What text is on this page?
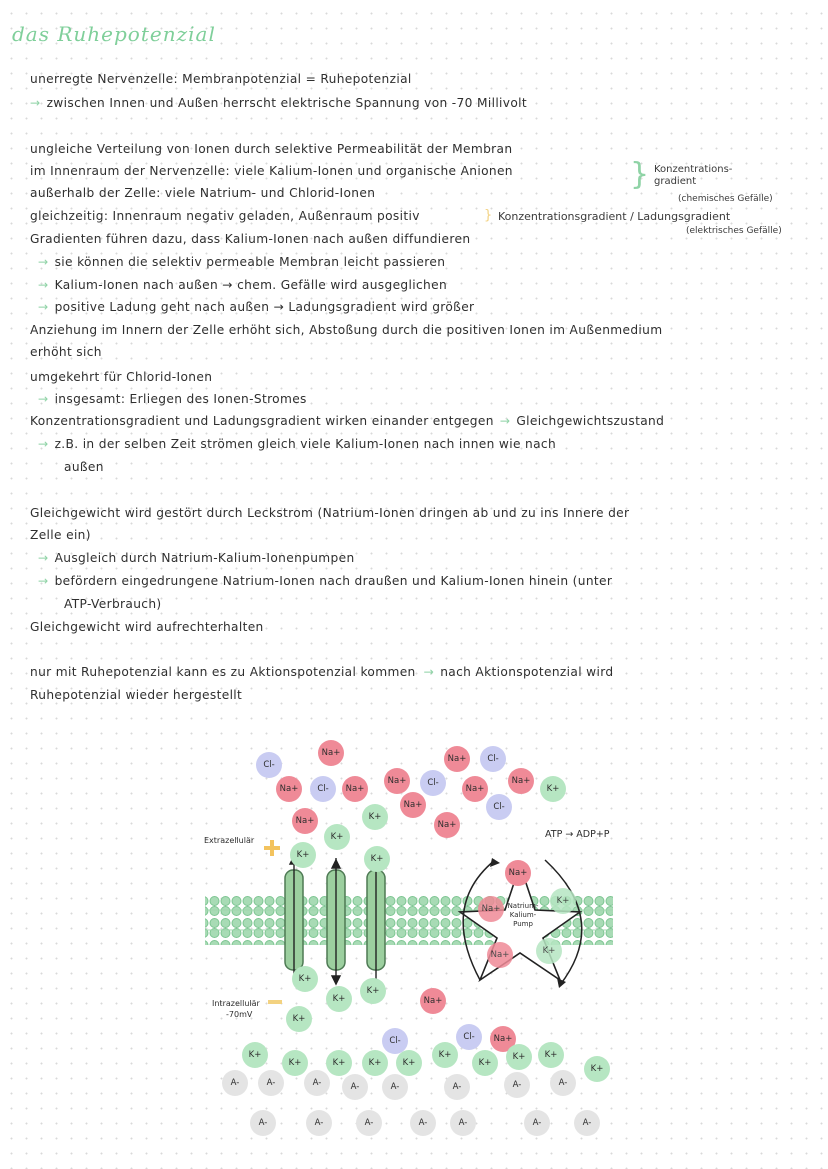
das Ruhepotenzial
unerregte Nervenzelle: Membranpotenzial = Ruhepotenzial
→ zwischen Innen und Außen herrscht elektrische Spannung von -70 Millivolt
ungleiche Verteilung von Ionen durch selektive Permeabilität der Membran
im Innenraum der Nervenzelle: viele Kalium-Ionen und organische Anionen
außerhalb der Zelle: viele Natrium- und Chlorid-Ionen
} Konzentrations-
gradient
(chemisches Gefälle)
gleichzeitig: Innenraum negativ geladen, Außenraum positiv	} Konzentrationsgradient / Ladungsgradient
(elektrisches Gefälle)
Gradienten führen dazu, dass Kalium-Ionen nach außen diffundieren
→ sie können die selektiv permeable Membran leicht passieren
→ Kalium-Ionen nach außen → chem. Gefälle wird ausgeglichen
→ positive Ladung geht nach außen → Ladungsgradient wird größer
Anziehung im Innern der Zelle erhöht sich, Abstoßung durch die positiven Ionen im Außenmedium
erhöht sich
umgekehrt für Chlorid-Ionen
→ insgesamt: Erliegen des Ionen-Stromes
Konzentrationsgradient und Ladungsgradient wirken einander entgegen → Gleichgewichtszustand
→ z.B. in der selben Zeit strömen gleich viele Kalium-Ionen nach innen wie nach
außen
Gleichgewicht wird gestört durch Leckstrom (Natrium-Ionen dringen ab und zu ins Innere der
Zelle ein)
→ Ausgleich durch Natrium-Kalium-Ionenpumpen
→ befördern eingedrungene Natrium-Ionen nach draußen und Kalium-Ionen hinein (unter
ATP-Verbrauch)
Gleichgewicht wird aufrechterhalten
nur mit Ruhepotenzial kann es zu Aktionspotenzial kommen → nach Aktionspotenzial wird
Ruhepotenzial wieder hergestellt
Extrazellulär
Intrazellulär
-70mV
ATP → ADP+P
Natrium-Kalium-Pump
Cl-
Na+
Na+	Cl-	Na+
Na+	Cl-
Na+	Cl-
Na+
Na+
K+
Cl-
Na+
Na+
K+
Na+
K+
K+	K+
Na+
Na+
K+
Na+	K+
K+
K+
K+
K+
Na+
Cl-	Cl-	Na+
K+
K+	K+	K+	K+
K+
K+
K+	K+
K+
A-	A-	A-	A-	A-	A-	A-	A-
A-	A-	A-	A-	A-	A-	A-
